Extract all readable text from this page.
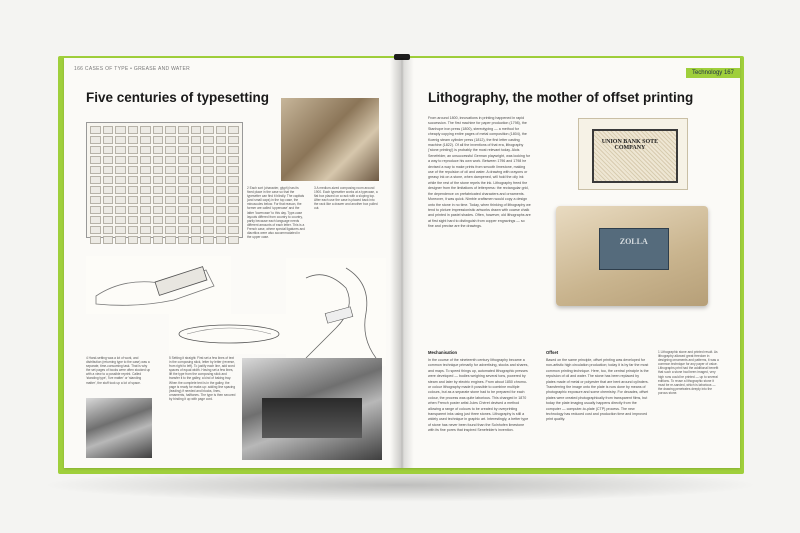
166 CASES OF TYPE • GREASE AND WATER
Five centuries of typesetting
2 Each sort (character, glyph) has its fixed place in the case so that the typesetter can find it blindly. The capitals (and small caps) in the top case, the minuscules below. For that reason, the former are called 'uppercase' and the latter 'lowercase' to this day. Type-case layouts differed from country to country, partly because each language needs different amounts of each letter. This is a French case, where special ligatures and diacritics were also accommodated in the upper case.
3 A medium-sized composing room around 1900. Each typesetter works at a typecase, a flat box placed on a rack with a sloping top. After each use the case is placed back into the rack like a drawer and another box pulled out.
4 Hand-setting was a lot of work, and distribution (returning type to the case) was a separate, time-consuming task. That is why the set pages of books were often stocked up with a view to a possible reprint. Called 'standing type', 'live matter' or 'standing matter', the stuff took up a lot of space.
5 Setting it straight: First set a few lines of text in the composing stick, letter by letter (reverse, from right to left). To justify each line, add word spaces of equal width. Having set a few lines, lift the type from the composing stick and transfer it to the galley, a kind of baking tray. When the complete text is in the galley, the page is ready for make-up: adding line spacing (leading) if needed and blocks, lines, ornaments, halftones. The type is then secured by binding it up with page cord.
Technology 167
Lithography, the mother of offset printing
From around 1800, innovations in printing happened in rapid succession. The first machine for paper production (1798), the Stanhope iron press (1800), stereotyping — a method for cheaply copying entire pages of metal composition (1804), the Koenig steam cylinder press (1812), the first letter casting machine (1822). Of all the inventions of that era, lithography ('stone printing') is probably the most relevant today. Alois Senefelder, an unsuccessful German playwright, was looking for a way to reproduce his own work. Between 1796 and 1798 he devised a way to make prints from smooth limestone, making use of the repulsion of oil and water. A drawing with crayons or greasy ink on a stone, when dampened, will hold the oily ink while the rest of the stone repels the ink. Lithography freed the designer from the limitations of letterpress: the rectangular grid, the dependence on prefabricated characters and ornaments. Moreover, it was quick. Nimble craftsmen would copy a design onto the stone in no time. Today, when thinking of lithography we tend to picture impressionistic artworks drawn with coarse chalk and printed in pastel shades. Often, however, old lithographs are at first sight hard to distinguish from copper engravings — so fine and precise are the drawings.
UNION BANK SOTE COMPANY
ZOLLA
Mechanisation
In the course of the nineteenth century lithography became a common technique primarily for advertising, stocks and shares, and maps. To speed things up, automated lithographic presses were developed — bodies weighing several tons, powered by steam and later by electric engines. From about 1850 chromo- or colour lithography made it possible to combine multiple colours, but as a separate stone had to be prepared for each colour, the process was quite laborious. This changed in 1870 when French poster artist Jules Chéret devised a method allowing a range of colours to be created by overprinting transparent inks using just three stones. Lithography is still a widely used technique in graphic art. Interestingly, a better type of stone has never been found than the Solnhofen limestone with its fine pores that inspired Senefelder's invention.
Offset
Based on the same principle, offset printing was developed for non-artistic high circulation production; today it is by far the most common printing technique. Here, too, the central principle is the repulsion of oil and water. The stone has been replaced by plates made of metal or polyester that are bent around cylinders. Transferring the image onto the plate is now done by means of photographic exposure and some chemistry. For decades, offset plates were created photographically from transparent films, but today the plate imaging usually happens directly from the computer — computer-to-plate (CTP) process. The new technology has reduced cost and production time and improved print quality.
1 Lithographic stone and printed result. As lithography allowed great freedom in designing ornaments and patterns, it was a common technique for any paper of value. Lithographs print had the additional benefit that such a stone had been imaged, very high runs could be printed — up to several editions. To reuse a lithographic stone it must be re-sanded, which is laborious — the drawing penetrates deeply into the porous stone.
